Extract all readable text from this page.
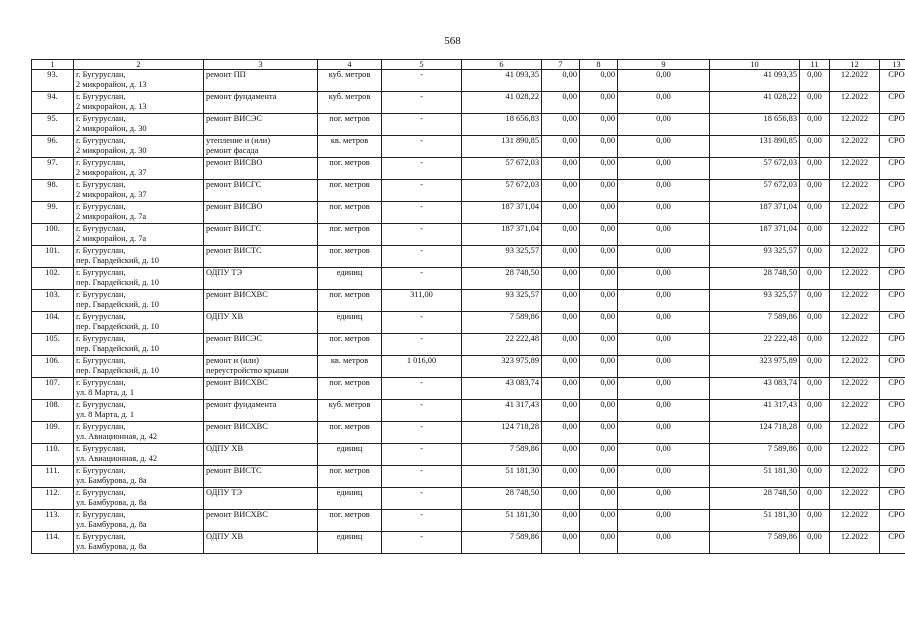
568
1	2	3	4	5	6	7	8	9	10	11	12	13

93.	г. Бугуруслан,
2 микрорайон, д. 13	ремонт ПП	куб. метров	-	41 093,35	0,00	0,00	0,00	41 093,35	0,00	12.2022	СРО

94.	г. Бугуруслан,
2 микрорайон, д. 13	ремонт фундамента	куб. метров	-	41 028,22	0,00	0,00	0,00	41 028,22	0,00	12.2022	СРО

95.	г. Бугуруслан,
2 микрорайон, д. 30	ремонт ВИСЭС	пог. метров	-	18 656,83	0,00	0,00	0,00	18 656,83	0,00	12.2022	СРО

96.	г. Бугуруслан,
2 микрорайон, д. 30	утепление и (или)
ремонт фасада	кв. метров	-	131 890,85	0,00	0,00	0,00	131 890,85	0,00	12.2022	СРО

97.	г. Бугуруслан,
2 микрорайон, д. 37	ремонт ВИСВО	пог. метров	-	57 672,03	0,00	0,00	0,00	57 672,03	0,00	12.2022	СРО

98.	г. Бугуруслан,
2 микрорайон, д. 37	ремонт ВИСГС	пог. метров	-	57 672,03	0,00	0,00	0,00	57 672,03	0,00	12.2022	СРО

99.	г. Бугуруслан,
2 микрорайон, д. 7а	ремонт ВИСВО	пог. метров	-	187 371,04	0,00	0,00	0,00	187 371,04	0,00	12.2022	СРО

100.	г. Бугуруслан,
2 микрорайон, д. 7а	ремонт ВИСГС	пог. метров	-	187 371,04	0,00	0,00	0,00	187 371,04	0,00	12.2022	СРО

101.	г. Бугуруслан,
пер. Гвардейский, д. 10	ремонт ВИСТС	пог. метров	-	93 325,57	0,00	0,00	0,00	93 325,57	0,00	12.2022	СРО

102.	г. Бугуруслан,
пер. Гвардейский, д. 10	ОДПУ ТЭ	единиц	-	28 748,50	0,00	0,00	0,00	28 748,50	0,00	12.2022	СРО

103.	г. Бугуруслан,
пер. Гвардейский, д. 10	ремонт ВИСХВС	пог. метров	311,00	93 325,57	0,00	0,00	0,00	93 325,57	0,00	12.2022	СРО

104.	г. Бугуруслан,
пер. Гвардейский, д. 10	ОДПУ ХВ	единиц	-	7 589,86	0,00	0,00	0,00	7 589,86	0,00	12.2022	СРО

105.	г. Бугуруслан,
пер. Гвардейский, д. 10	ремонт ВИСЭС	пог. метров	-	22 222,48	0,00	0,00	0,00	22 222,48	0,00	12.2022	СРО

106.	г. Бугуруслан,
пер. Гвардейский, д. 10	ремонт и (или)
переустройство крыши	кв. метров	1 016,00	323 975,89	0,00	0,00	0,00	323 975,89	0,00	12.2022	СРО

107.	г. Бугуруслан,
ул. 8 Марта, д. 1	ремонт ВИСХВС	пог. метров	-	43 083,74	0,00	0,00	0,00	43 083,74	0,00	12.2022	СРО

108.	г. Бугуруслан,
ул. 8 Марта, д. 1	ремонт фундамента	куб. метров	-	41 317,43	0,00	0,00	0,00	41 317,43	0,00	12.2022	СРО

109.	г. Бугуруслан,
ул. Авиационная, д. 42	ремонт ВИСХВС	пог. метров	-	124 718,28	0,00	0,00	0,00	124 718,28	0,00	12.2022	СРО

110.	г. Бугуруслан,
ул. Авиационная, д. 42	ОДПУ ХВ	единиц	-	7 589,86	0,00	0,00	0,00	7 589,86	0,00	12.2022	СРО

111.	г. Бугуруслан,
ул. Бамбурова, д. 8а	ремонт ВИСТС	пог. метров	-	51 181,30	0,00	0,00	0,00	51 181,30	0,00	12.2022	СРО

112.	г. Бугуруслан,
ул. Бамбурова, д. 8а	ОДПУ ТЭ	единиц	-	28 748,50	0,00	0,00	0,00	28 748,50	0,00	12.2022	СРО

113.	г. Бугуруслан,
ул. Бамбурова, д. 8а	ремонт ВИСХВС	пог. метров	-	51 181,30	0,00	0,00	0,00	51 181,30	0,00	12.2022	СРО

114.	г. Бугуруслан,
ул. Бамбурова, д. 8а	ОДПУ ХВ	единиц	-	7 589,86	0,00	0,00	0,00	7 589,86	0,00	12.2022	СРО
